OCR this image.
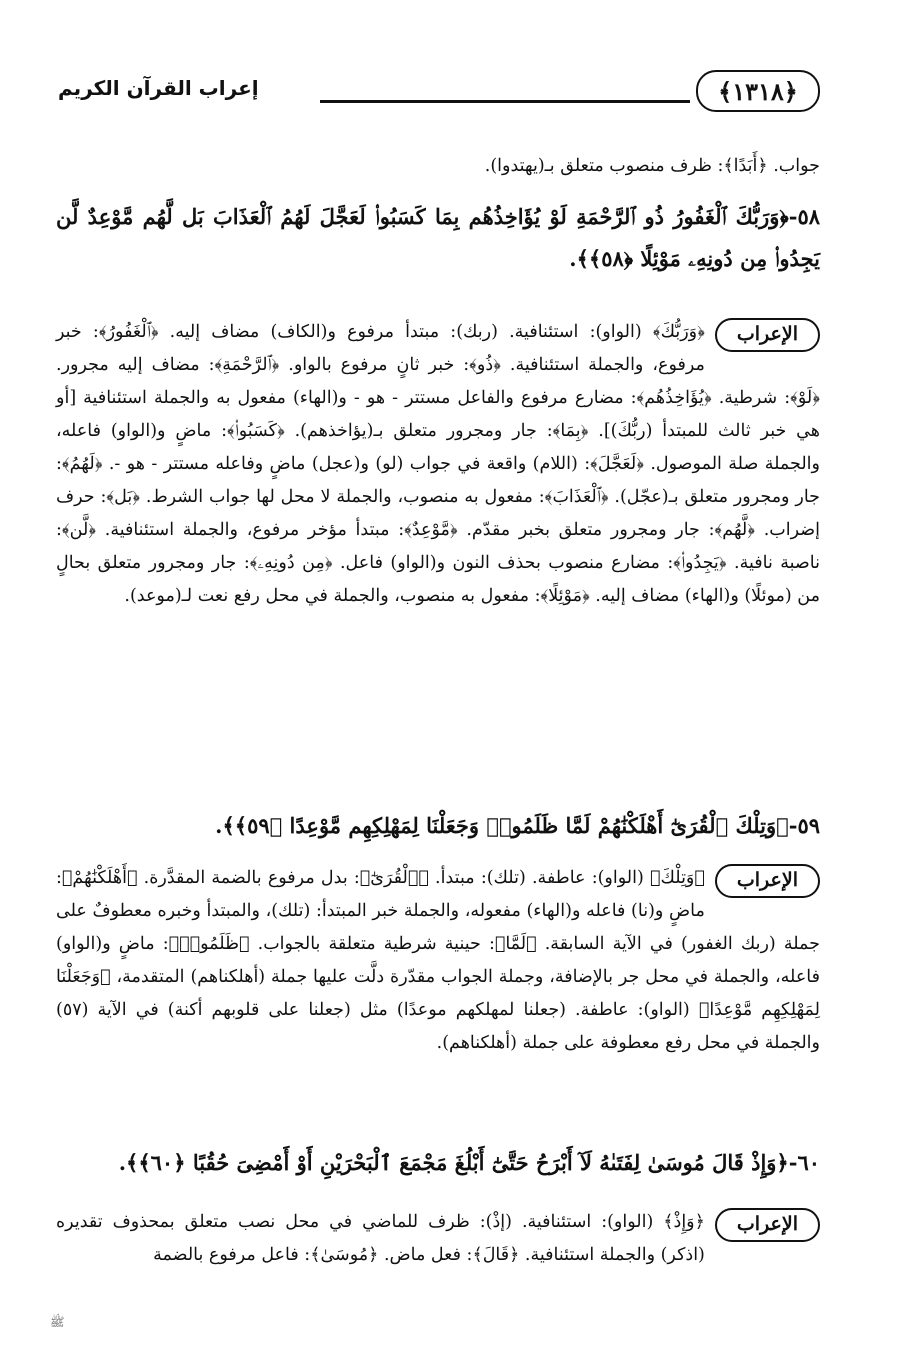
﴿١٣١٨﴾
إعراب القرآن الكريم
جواب. ﴿أَبَدًا﴾: ظرف منصوب متعلق بـ(يهتدوا).
٥٨-﴿وَرَبُّكَ ٱلْغَفُورُ ذُو ٱلرَّحْمَةِ لَوْ يُؤَاخِذُهُم بِمَا كَسَبُوا۟ لَعَجَّلَ لَهُمُ ٱلْعَذَابَ بَل لَّهُم مَّوْعِدٌ لَّن يَجِدُوا۟ مِن دُونِهِۦ مَوْئِلًا ﴿٥٨﴾﴾.
الإعراب
﴿وَرَبُّكَ﴾ (الواو): استئنافية. (ربك): مبتدأ مرفوع و(الكاف) مضاف إليه. ﴿ٱلْغَفُورُ﴾: خبر مرفوع، والجملة استئنافية. ﴿ذُو﴾: خبر ثانٍ مرفوع بالواو. ﴿ٱلرَّحْمَةِ﴾: مضاف إليه مجرور. ﴿لَوْ﴾: شرطية. ﴿يُؤَاخِذُهُم﴾: مضارع مرفوع والفاعل مستتر - هو - و(الهاء) مفعول به والجملة استئنافية [أو هي خبر ثالث للمبتدأ (ربُّكَ)]. ﴿بِمَا﴾: جار ومجرور متعلق بـ(يؤاخذهم). ﴿كَسَبُوا۟﴾: ماضٍ و(الواو) فاعله، والجملة صلة الموصول. ﴿لَعَجَّلَ﴾: (اللام) واقعة في جواب (لو) و(عجل) ماضٍ وفاعله مستتر - هو -. ﴿لَهُمُ﴾: جار ومجرور متعلق بـ(عجّل). ﴿ٱلْعَذَابَ﴾: مفعول به منصوب، والجملة لا محل لها جواب الشرط. ﴿بَل﴾: حرف إضراب. ﴿لَّهُم﴾: جار ومجرور متعلق بخبر مقدّم. ﴿مَّوْعِدٌ﴾: مبتدأ مؤخر مرفوع، والجملة استئنافية. ﴿لَّن﴾: ناصبة نافية. ﴿يَجِدُوا۟﴾: مضارع منصوب بحذف النون و(الواو) فاعل. ﴿مِن دُونِهِۦ﴾: جار ومجرور متعلق بحالٍ من (موئلًا) و(الهاء) مضاف إليه. ﴿مَوْئِلًا﴾: مفعول به منصوب، والجملة في محل رفع نعت لـ(موعد).
٥٩-﴿وَتِلْكَ ٱلْقُرَىٰٓ أَهْلَكْنَٰهُمْ لَمَّا ظَلَمُوا۟ وَجَعَلْنَا لِمَهْلِكِهِم مَّوْعِدًا ﴿٥٩﴾﴾.
الإعراب
﴿وَتِلْكَ﴾ (الواو): عاطفة. (تلك): مبتدأ. ﴿ٱلْقُرَىٰٓ﴾: بدل مرفوع بالضمة المقدَّرة. ﴿أَهْلَكْنَٰهُمْ﴾: ماضٍ و(نا) فاعله و(الهاء) مفعوله، والجملة خبر المبتدأ: (تلك)، والمبتدأ وخبره معطوفٌ على جملة (ربك الغفور) في الآية السابقة. ﴿لَمَّا﴾: حينية شرطية متعلقة بالجواب. ﴿ظَلَمُوا۟﴾: ماضٍ و(الواو) فاعله، والجملة في محل جر بالإضافة، وجملة الجواب مقدّرة دلَّت عليها جملة (أهلكناهم) المتقدمة، ﴿وَجَعَلْنَا لِمَهْلِكِهِم مَّوْعِدًا﴾ (الواو): عاطفة. (جعلنا لمهلكهم موعدًا) مثل (جعلنا على قلوبهم أكنة) في الآية (٥٧) والجملة في محل رفع معطوفة على جملة (أهلكناهم).
٦٠-﴿وَإِذْ قَالَ مُوسَىٰ لِفَتَىٰهُ لَآ أَبْرَحُ حَتَّىٰٓ أَبْلُغَ مَجْمَعَ ٱلْبَحْرَيْنِ أَوْ أَمْضِىَ حُقُبًا ﴿٦٠﴾﴾.
الإعراب
﴿وَإِذْ﴾ (الواو): استئنافية. (إذْ): ظرف للماضي في محل نصب متعلق بمحذوف تقديره (اذكر) والجملة استئنافية. ﴿قَالَ﴾: فعل ماض. ﴿مُوسَىٰ﴾: فاعل مرفوع بالضمة
ﷺ
